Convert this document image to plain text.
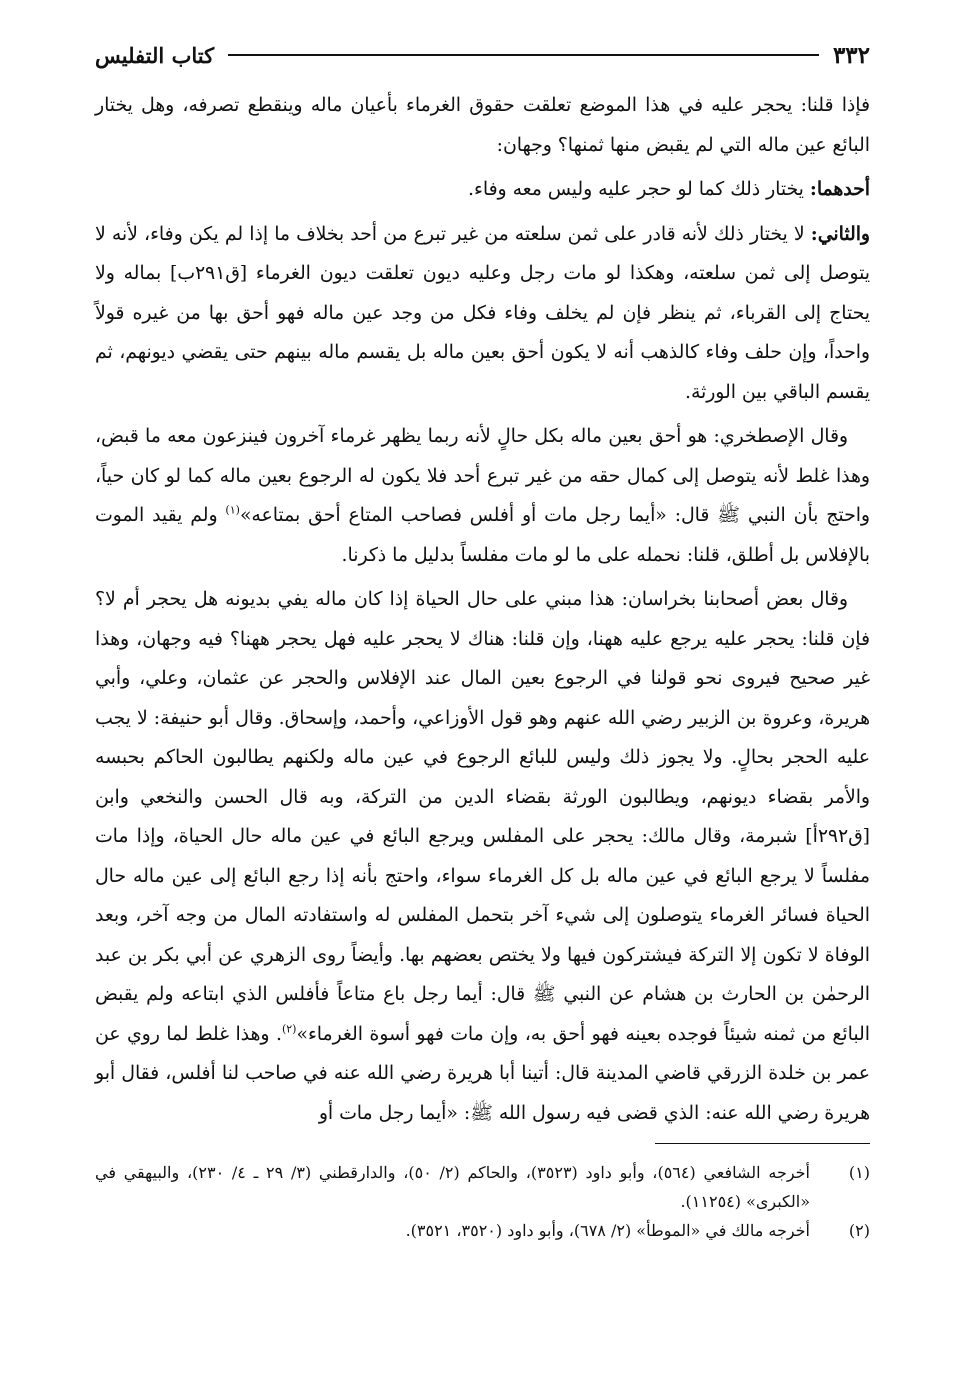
٣٣٢
كتاب التفليس

فإذا قلنا: يحجر عليه في هذا الموضع تعلقت حقوق الغرماء بأعيان ماله وينقطع تصرفه، وهل يختار البائع عين ماله التي لم يقبض منها ثمنها؟ وجهان:

أحدهما: يختار ذلك كما لو حجر عليه وليس معه وفاء.

والثاني: لا يختار ذلك لأنه قادر على ثمن سلعته من غير تبرع من أحد بخلاف ما إذا لم يكن وفاء، لأنه لا يتوصل إلى ثمن سلعته، وهكذا لو مات رجل وعليه ديون تعلقت ديون الغرماء [ق٢٩١ب] بماله ولا يحتاج إلى القرباء، ثم ينظر فإن لم يخلف وفاء فكل من وجد عين ماله فهو أحق بها من غيره قولاً واحداً، وإن حلف وفاء كالذهب أنه لا يكون أحق بعين ماله بل يقسم ماله بينهم حتى يقضي ديونهم، ثم يقسم الباقي بين الورثة.

وقال الإصطخري: هو أحق بعين ماله بكل حالٍ لأنه ربما يظهر غرماء آخرون فينزعون معه ما قبض، وهذا غلط لأنه يتوصل إلى كمال حقه من غير تبرع أحد فلا يكون له الرجوع بعين ماله كما لو كان حياً، واحتج بأن النبي ﷺ قال: «أيما رجل مات أو أفلس فصاحب المتاع أحق بمتاعه»$^{(١)}$ ولم يقيد الموت بالإفلاس بل أطلق، قلنا: نحمله على ما لو مات مفلساً بدليل ما ذكرنا.

وقال بعض أصحابنا بخراسان: هذا مبني على حال الحياة إذا كان ماله يفي بديونه هل يحجر أم لا؟ فإن قلنا: يحجر عليه يرجع عليه ههنا، وإن قلنا: هناك لا يحجر عليه فهل يحجر ههنا؟ فيه وجهان، وهذا غير صحيح فيروى نحو قولنا في الرجوع بعين المال عند الإفلاس والحجر عن عثمان، وعلي، وأبي هريرة، وعروة بن الزبير رضي الله عنهم وهو قول الأوزاعي، وأحمد، وإسحاق. وقال أبو حنيفة: لا يجب عليه الحجر بحالٍ. ولا يجوز ذلك وليس للبائع الرجوع في عين ماله ولكنهم يطالبون الحاكم بحبسه والأمر بقضاء ديونهم، ويطالبون الورثة بقضاء الدين من التركة، وبه قال الحسن والنخعي وابن [ق٢٩٢أ] شبرمة، وقال مالك: يحجر على المفلس ويرجع البائع في عين ماله حال الحياة، وإذا مات مفلساً لا يرجع البائع في عين ماله بل كل الغرماء سواء، واحتج بأنه إذا رجع البائع إلى عين ماله حال الحياة فسائر الغرماء يتوصلون إلى شيء آخر بتحمل المفلس له واستفادته المال من وجه آخر، وبعد الوفاة لا تكون إلا التركة فيشتركون فيها ولا يختص بعضهم بها. وأيضاً روى الزهري عن أبي بكر بن عبد الرحمٰن بن الحارث بن هشام عن النبي ﷺ قال: أيما رجل باع متاعاً فأفلس الذي ابتاعه ولم يقبض البائع من ثمنه شيئاً فوجده بعينه فهو أحق به، وإن مات فهو أسوة الغرماء»$^{(٢)}$. وهذا غلط لما روي عن عمر بن خلدة الزرقي قاضي المدينة قال: أتينا أبا هريرة رضي الله عنه في صاحب لنا أفلس، فقال أبو هريرة رضي الله عنه: الذي قضى فيه رسول الله ﷺ: «أيما رجل مات أو

(١)
أخرجه الشافعي (٥٦٤)، وأبو داود (٣٥٢٣)، والحاكم (٢/ ٥٠)، والدارقطني (٣/ ٢٩ ـ ٤/ ٢٣٠)، والبيهقي في «الكبرى» (١١٢٥٤).
(٢)
أخرجه مالك في «الموطأ» (٢/ ٦٧٨)، وأبو داود (٣٥٢٠، ٣٥٢١).
